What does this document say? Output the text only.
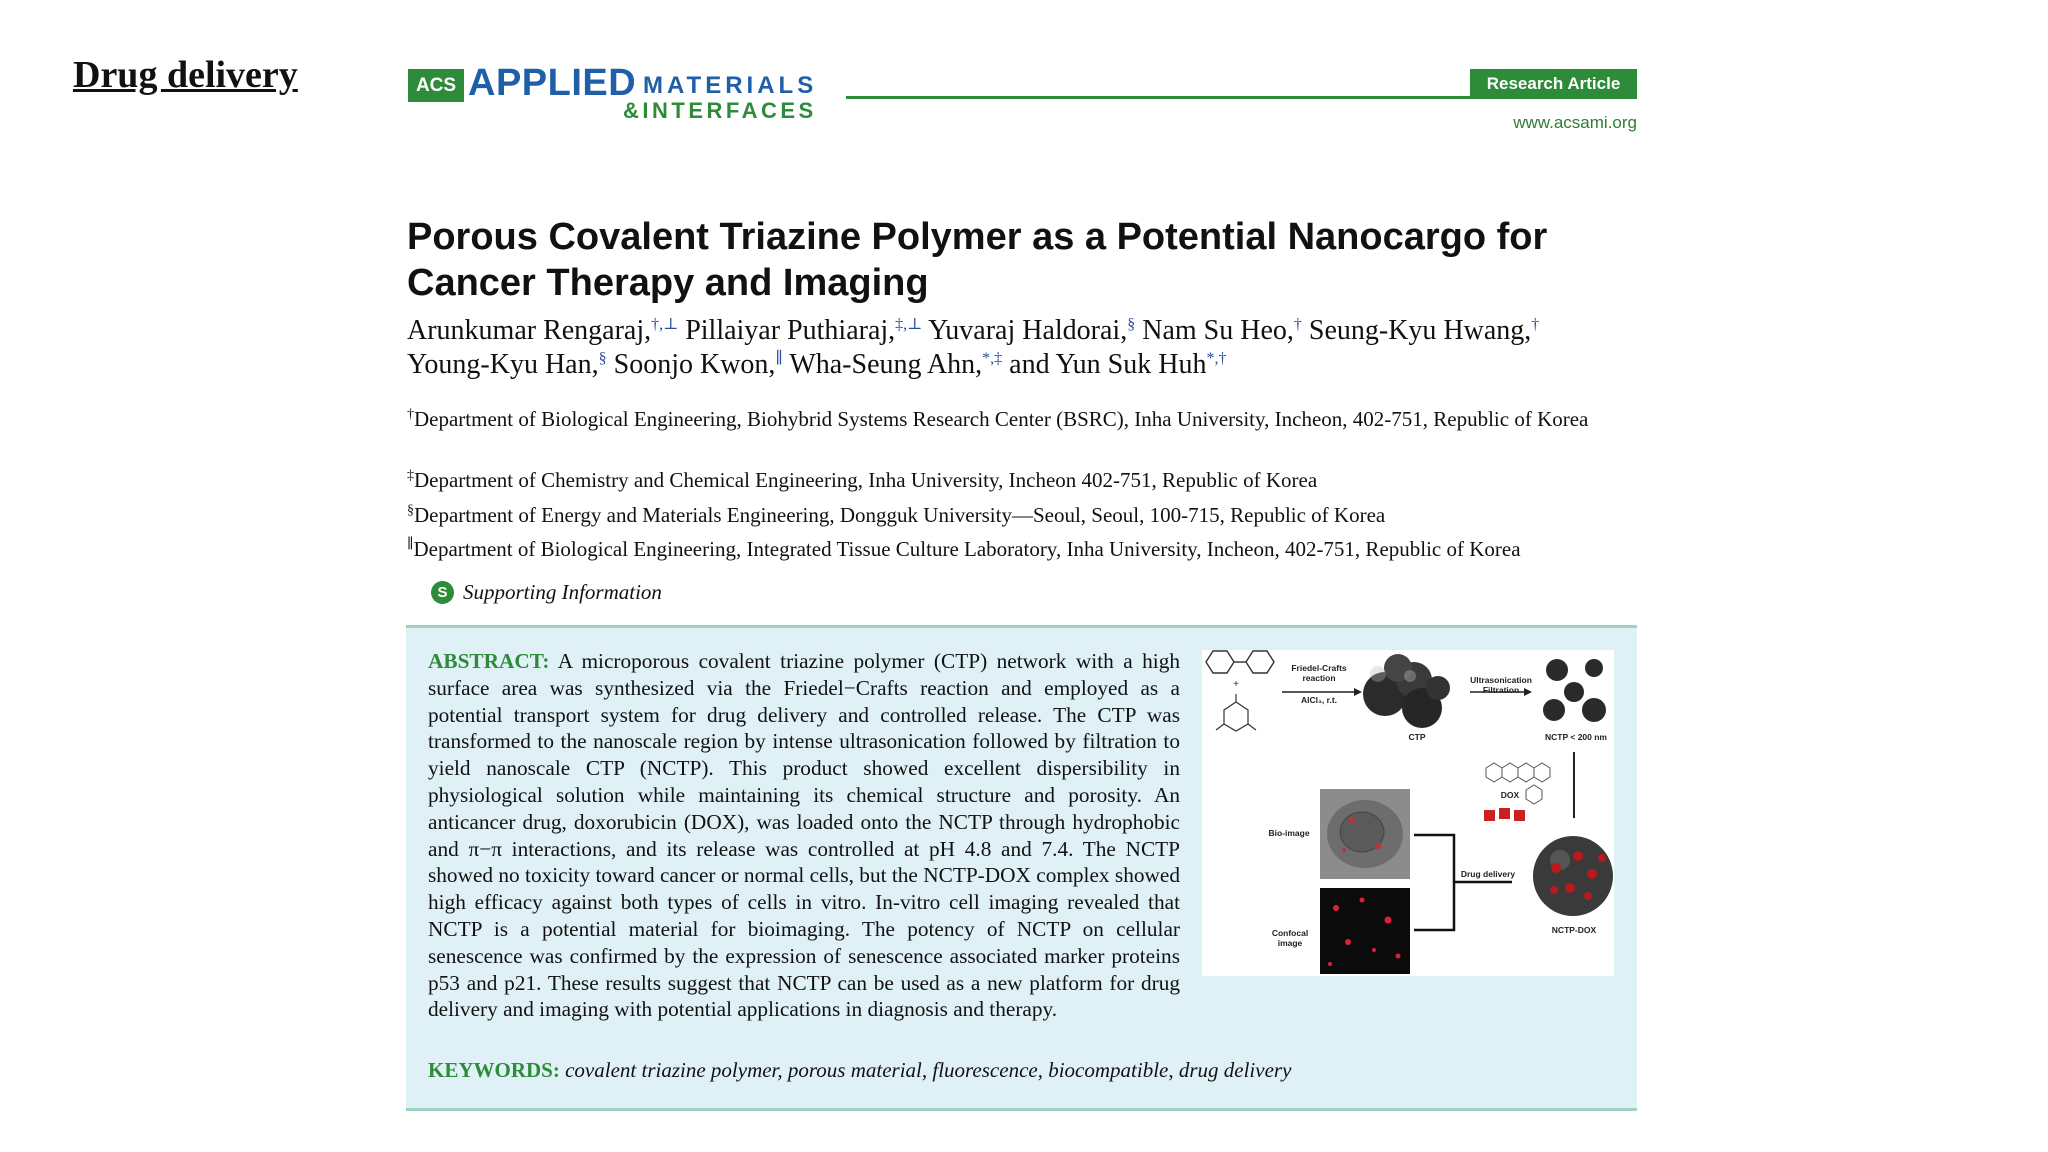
Drug delivery	ACS APPLIED MATERIALS
&INTERFACES
Research Article
www.acsami.org
Porous Covalent Triazine Polymer as a Potential Nanocargo for Cancer Therapy and Imaging
Arunkumar Rengaraj,†,⊥ Pillaiyar Puthiaraj,‡,⊥ Yuvaraj Haldorai,§ Nam Su Heo,† Seung-Kyu Hwang,†
Young-Kyu Han,§ Soonjo Kwon,∥ Wha-Seung Ahn,*,‡ and Yun Suk Huh*,†
†Department of Biological Engineering, Biohybrid Systems Research Center (BSRC), Inha University, Incheon, 402-751, Republic of Korea
‡Department of Chemistry and Chemical Engineering, Inha University, Incheon 402-751, Republic of Korea
§Department of Energy and Materials Engineering, Dongguk University—Seoul, Seoul, 100-715, Republic of Korea
∥Department of Biological Engineering, Integrated Tissue Culture Laboratory, Inha University, Incheon, 402-751, Republic of Korea
S Supporting Information
ABSTRACT: A microporous covalent triazine polymer (CTP) network with a high surface area was synthesized via the Friedel−Crafts reaction and employed as a potential transport system for drug delivery and controlled release. The CTP was transformed to the nanoscale region by intense ultrasonication followed by filtration to yield nanoscale CTP (NCTP). This product showed excellent dispersibility in physiological solution while maintaining its chemical structure and porosity. An anticancer drug, doxorubicin (DOX), was loaded onto the NCTP through hydrophobic and π−π interactions, and its release was controlled at pH 4.8 and 7.4. The NCTP showed no toxicity toward cancer or normal cells, but the NCTP-DOX complex showed high efficacy against both types of cells in vitro. In-vitro cell imaging revealed that NCTP is a potential material for bioimaging. The potency of NCTP on cellular senescence was confirmed by the expression of senescence associated marker proteins p53 and p21. These results suggest that NCTP can be used as a new platform for drug delivery and imaging with potential applications in diagnosis and therapy.
+
Friedel-Crafts reaction
AlCl₃, r.t.
Ultrasonication Filtration
CTP	NCTP < 200 nm
DOX
Bio-image
Confocal image
Drug delivery
NCTP-DOX
KEYWORDS: covalent triazine polymer, porous material, fluorescence, biocompatible, drug delivery
